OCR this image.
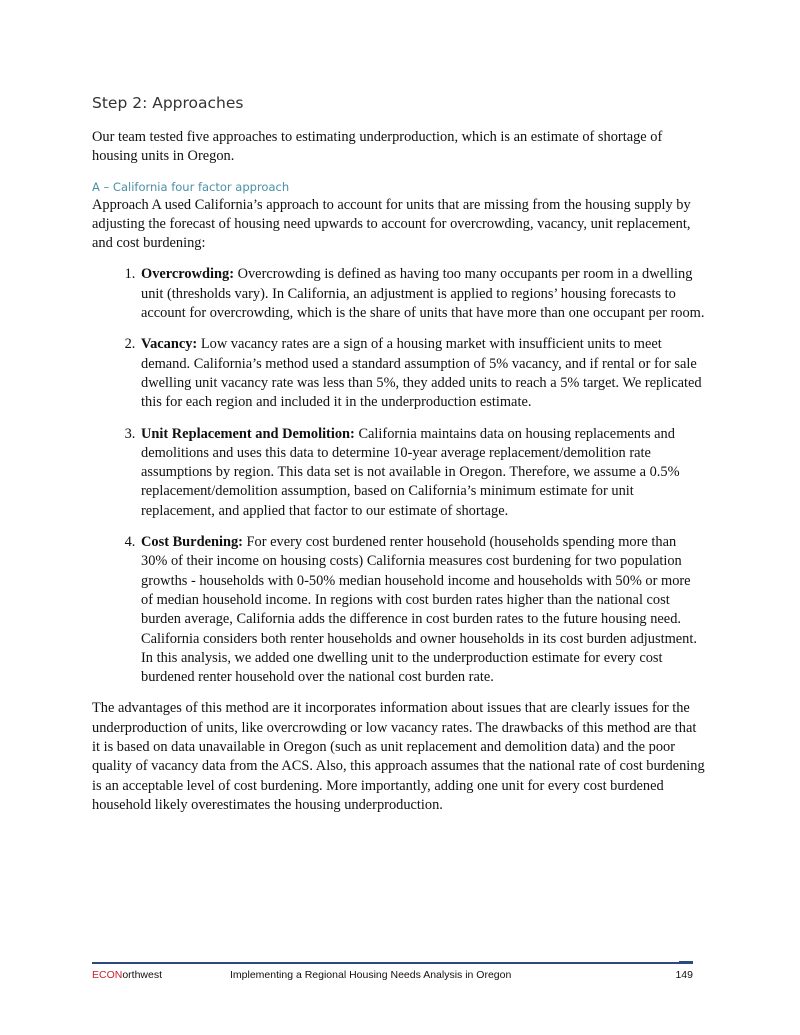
Step 2: Approaches

Our team tested five approaches to estimating underproduction, which is an estimate of shortage of housing units in Oregon.

A – California four factor approach

Approach A used California’s approach to account for units that are missing from the housing supply by adjusting the forecast of housing need upwards to account for overcrowding, vacancy, unit replacement, and cost burdening:

1. Overcrowding: Overcrowding is defined as having too many occupants per room in a dwelling unit (thresholds vary). In California, an adjustment is applied to regions’ housing forecasts to account for overcrowding, which is the share of units that have more than one occupant per room.
2. Vacancy: Low vacancy rates are a sign of a housing market with insufficient units to meet demand. California’s method used a standard assumption of 5% vacancy, and if rental or for sale dwelling unit vacancy rate was less than 5%, they added units to reach a 5% target. We replicated this for each region and included it in the underproduction estimate.
3. Unit Replacement and Demolition: California maintains data on housing replacements and demolitions and uses this data to determine 10-year average replacement/demolition rate assumptions by region. This data set is not available in Oregon. Therefore, we assume a 0.5% replacement/demolition assumption, based on California’s minimum estimate for unit replacement, and applied that factor to our estimate of shortage.
4. Cost Burdening: For every cost burdened renter household (households spending more than 30% of their income on housing costs) California measures cost burdening for two population growths - households with 0-50% median household income and households with 50% or more of median household income. In regions with cost burden rates higher than the national cost burden average, California adds the difference in cost burden rates to the future housing need. California considers both renter households and owner households in its cost burden adjustment. In this analysis, we added one dwelling unit to the underproduction estimate for every cost burdened renter household over the national cost burden rate.

The advantages of this method are it incorporates information about issues that are clearly issues for the underproduction of units, like overcrowding or low vacancy rates. The drawbacks of this method are that it is based on data unavailable in Oregon (such as unit replacement and demolition data) and the poor quality of vacancy data from the ACS. Also, this approach assumes that the national rate of cost burdening is an acceptable level of cost burdening. More importantly, adding one unit for every cost burdened household likely overestimates the housing underproduction.

ECONorthwest	Implementing a Regional Housing Needs Analysis in Oregon	149
